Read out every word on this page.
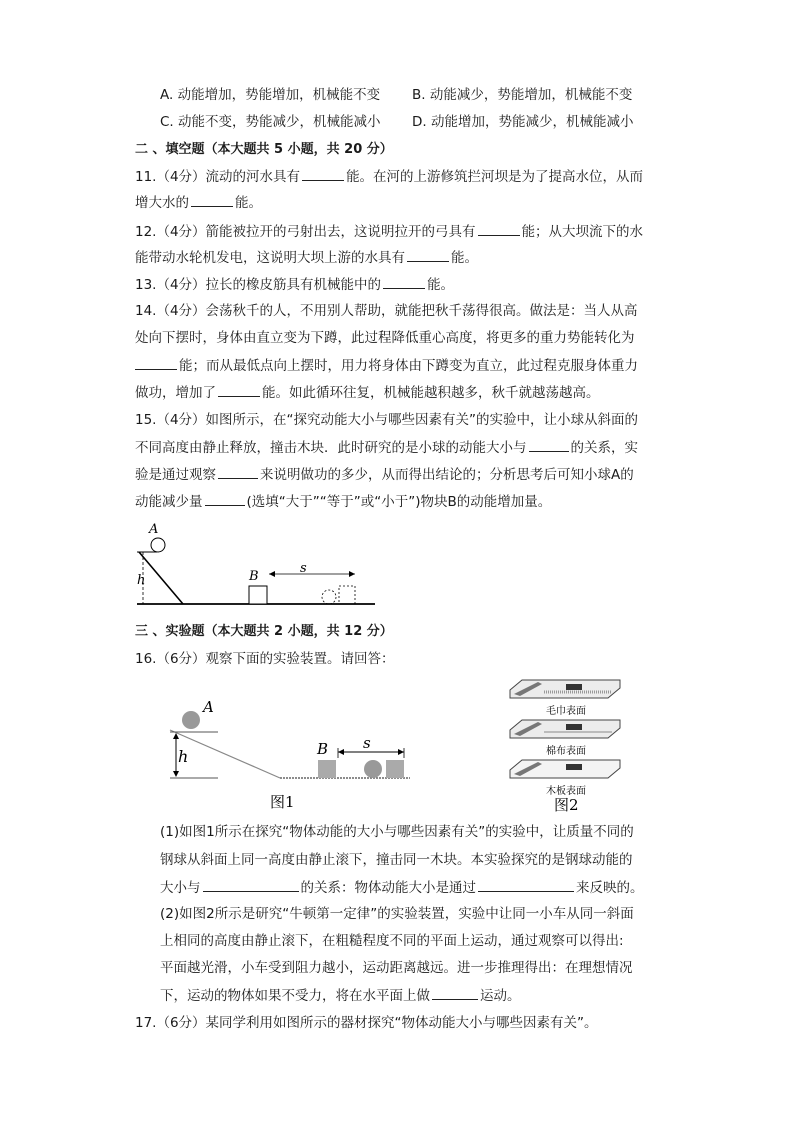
A. 动能增加，势能增加，机械能不变 B. 动能减少，势能增加，机械能不变
C. 动能不变，势能减少，机械能减小 D. 动能增加，势能减少，机械能减小
二 、填空题（本大题共 5 小题，共 20 分）
11.（4分）流动的河水具有	能。在河的上游修筑拦河坝是为了提高水位，从而
增大水的	能。
12.（4分）箭能被拉开的弓射出去，这说明拉开的弓具有	能；从大坝流下的水
能带动水轮机发电，这说明大坝上游的水具有	能。
13.（4分）拉长的橡皮筋具有机械能中的	能。
14.（4分）会荡秋千的人，不用别人帮助，就能把秋千荡得很高。做法是：当人从高
处向下摆时，身体由直立变为下蹲，此过程降低重心高度，将更多的重力势能转化为
能；而从最低点向上摆时，用力将身体由下蹲变为直立，此过程克服身体重力
做功，增加了	能。如此循环往复，机械能越积越多，秋千就越荡越高。
15.（4分）如图所示，在“探究动能大小与哪些因素有关”的实验中，让小球从斜面的
不同高度由静止释放，撞击木块．此时研究的是小球的动能大小与	的关系，实
验是通过观察	来说明做功的多少，从而得出结论的；分析思考后可知小球A的
动能减少量	(选填“大于”“等于”或“小于”)物块B的动能增加量。
A
h	B
s
三 、实验题（本大题共 2 小题，共 12 分）
16.（6分）观察下面的实验装置。请回答：
h
A
B s
图1
毛巾表面
棉布表面
木板表面
图2
(1)如图1所示在探究“物体动能的大小与哪些因素有关”的实验中，让质量不同的
钢球从斜面上同一高度由静止滚下，撞击同一木块。本实验探究的是钢球动能的
大小与	的关系：物体动能大小是通过	来反映的。
(2)如图2所示是研究“牛顿第一定律”的实验装置，实验中让同一小车从同一斜面
上相同的高度由静止滚下，在粗糙程度不同的平面上运动，通过观察可以得出:
平面越光滑，小车受到阻力越小，运动距离越远。进一步推理得出：在理想情况
下，运动的物体如果不受力，将在水平面上做	运动。
17.（6分）某同学利用如图所示的器材探究“物体动能大小与哪些因素有关”。
